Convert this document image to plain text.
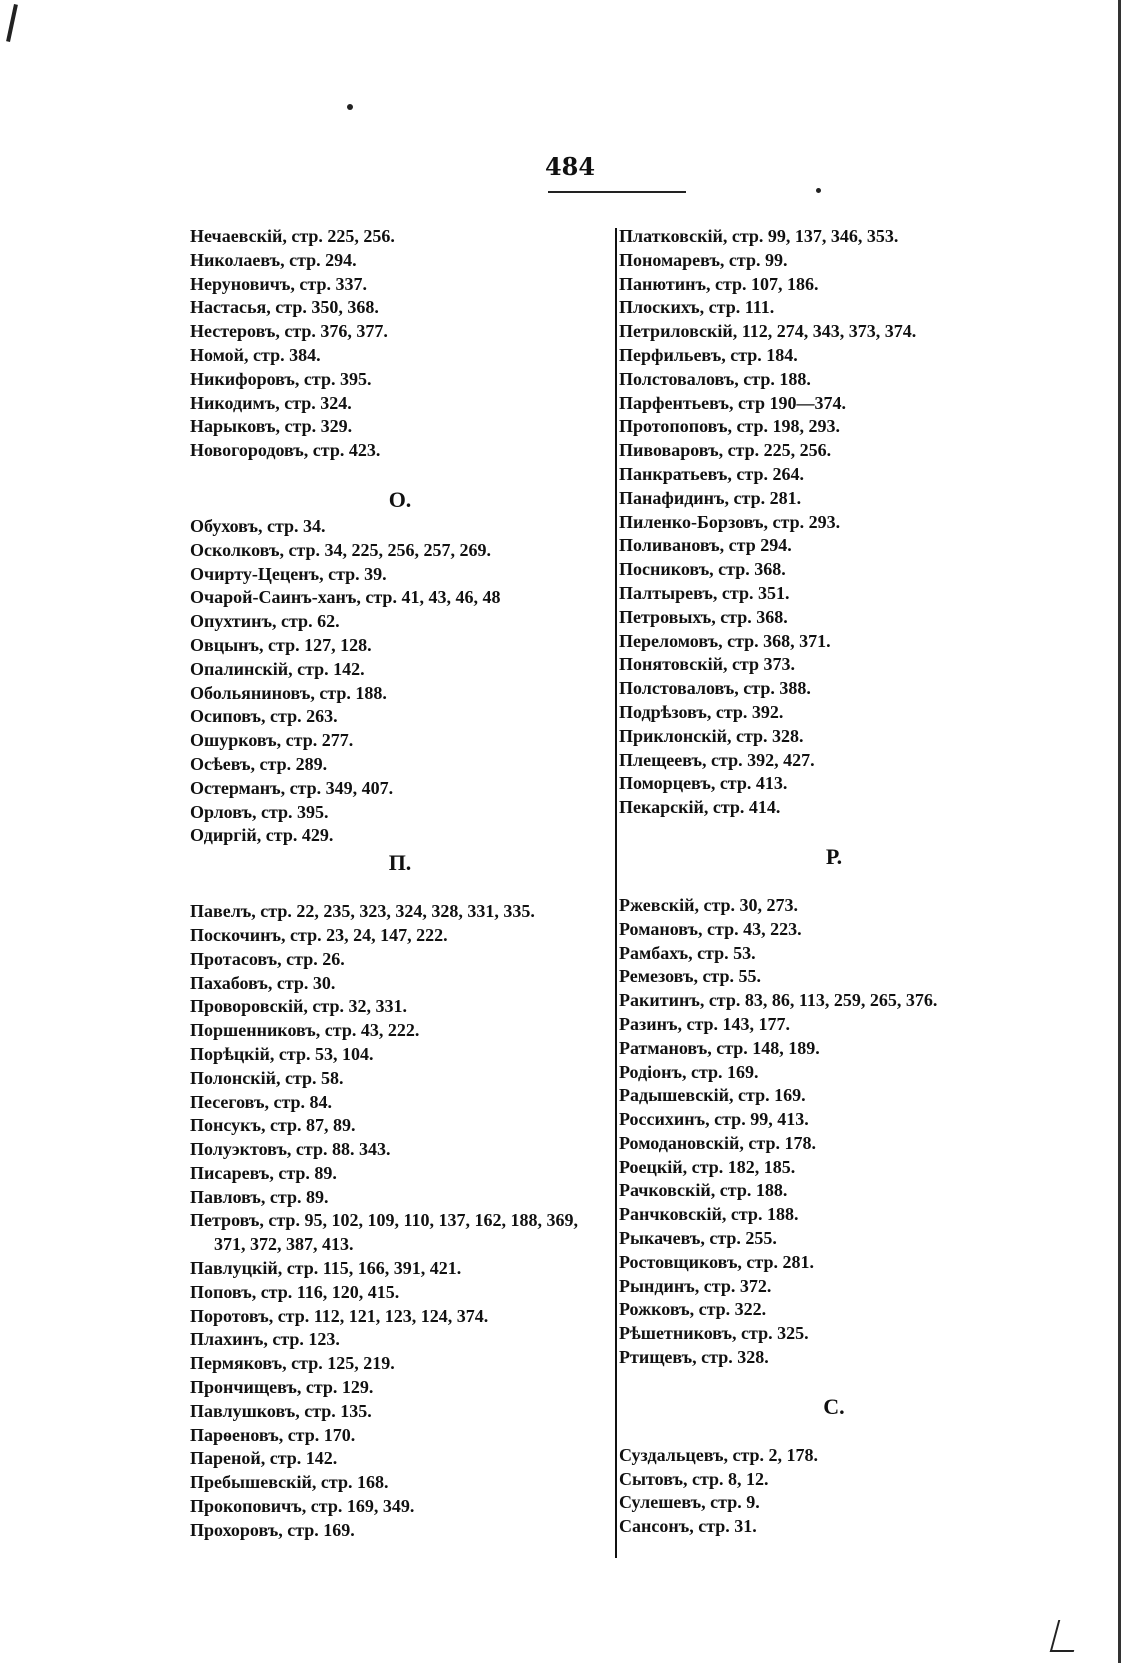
484
Нечаевскій, стр. 225, 256.
Николаевъ, стр. 294.
Неруновичъ, стр. 337.
Настасья, стр. 350, 368.
Нестеровъ, стр. 376, 377.
Номой, стр. 384.
Никифоровъ, стр. 395.
Никодимъ, стр. 324.
Нарыковъ, стр. 329.
Новогородовъ, стр. 423.
О.
Обуховъ, стр. 34.
Осколковъ, стр. 34, 225, 256, 257, 269.
Очирту-Цеценъ, стр. 39.
Очарой-Саинъ-ханъ, стр. 41, 43, 46, 48
Опухтинъ, стр. 62.
Овцынъ, стр. 127, 128.
Опалинскій, стр. 142.
Обольяниновъ, стр. 188.
Осиповъ, стр. 263.
Ошурковъ, стр. 277.
Осѣевъ, стр. 289.
Остерманъ, стр. 349, 407.
Орловъ, стр. 395.
Одиргій, стр. 429.
П.
Павелъ, стр. 22, 235, 323, 324, 328, 331, 335.
Поскочинъ, стр. 23, 24, 147, 222.
Протасовъ, стр. 26.
Пахабовъ, стр. 30.
Проворовскій, стр. 32, 331.
Поршенниковъ, стр. 43, 222.
Порѣцкій, стр. 53, 104.
Полонскій, стр. 58.
Песеговъ, стр. 84.
Понсукъ, стр. 87, 89.
Полуэктовъ, стр. 88. 343.
Писаревъ, стр. 89.
Павловъ, стр. 89.
Петровъ, стр. 95, 102, 109, 110, 137, 162, 188, 369, 371, 372, 387, 413.
Павлуцкій, стр. 115, 166, 391, 421.
Поповъ, стр. 116, 120, 415.
Поротовъ, стр. 112, 121, 123, 124, 374.
Плахинъ, стр. 123.
Пермяковъ, стр. 125, 219.
Прончищевъ, стр. 129.
Павлушковъ, стр. 135.
Парѳеновъ, стр. 170.
Пареной, стр. 142.
Пребышевскій, стр. 168.
Прокоповичъ, стр. 169, 349.
Прохоровъ, стр. 169.
Платковскій, стр. 99, 137, 346, 353.
Пономаревъ, стр. 99.
Панютинъ, стр. 107, 186.
Плоскихъ, стр. 111.
Петриловскій, 112, 274, 343, 373, 374.
Перфильевъ, стр. 184.
Полстоваловъ, стр. 188.
Парфентьевъ, стр 190—374.
Протопоповъ, стр. 198, 293.
Пивоваровъ, стр. 225, 256.
Панкратьевъ, стр. 264.
Панафидинъ, стр. 281.
Пиленко-Борзовъ, стр. 293.
Поливановъ, стр 294.
Посниковъ, стр. 368.
Палтыревъ, стр. 351.
Петровыхъ, стр. 368.
Переломовъ, стр. 368, 371.
Понятовскій, стр 373.
Полстоваловъ, стр. 388.
Подрѣзовъ, стр. 392.
Приклонскій, стр. 328.
Плещеевъ, стр. 392, 427.
Поморцевъ, стр. 413.
Пекарскій, стр. 414.
Р.
Ржевскій, стр. 30, 273.
Романовъ, стр. 43, 223.
Рамбахъ, стр. 53.
Ремезовъ, стр. 55.
Ракитинъ, стр. 83, 86, 113, 259, 265, 376.
Разинъ, стр. 143, 177.
Ратмановъ, стр. 148, 189.
Родіонъ, стр. 169.
Радышевскій, стр. 169.
Россихинъ, стр. 99, 413.
Ромодановскій, стр. 178.
Роецкій, стр. 182, 185.
Рачковскій, стр. 188.
Ранчковскій, стр. 188.
Рыкачевъ, стр. 255.
Ростовщиковъ, стр. 281.
Рындинъ, стр. 372.
Рожковъ, стр. 322.
Рѣшетниковъ, стр. 325.
Ртищевъ, стр. 328.
С.
Суздальцевъ, стр. 2, 178.
Сытовъ, стр. 8, 12.
Сулешевъ, стр. 9.
Сансонъ, стр. 31.
